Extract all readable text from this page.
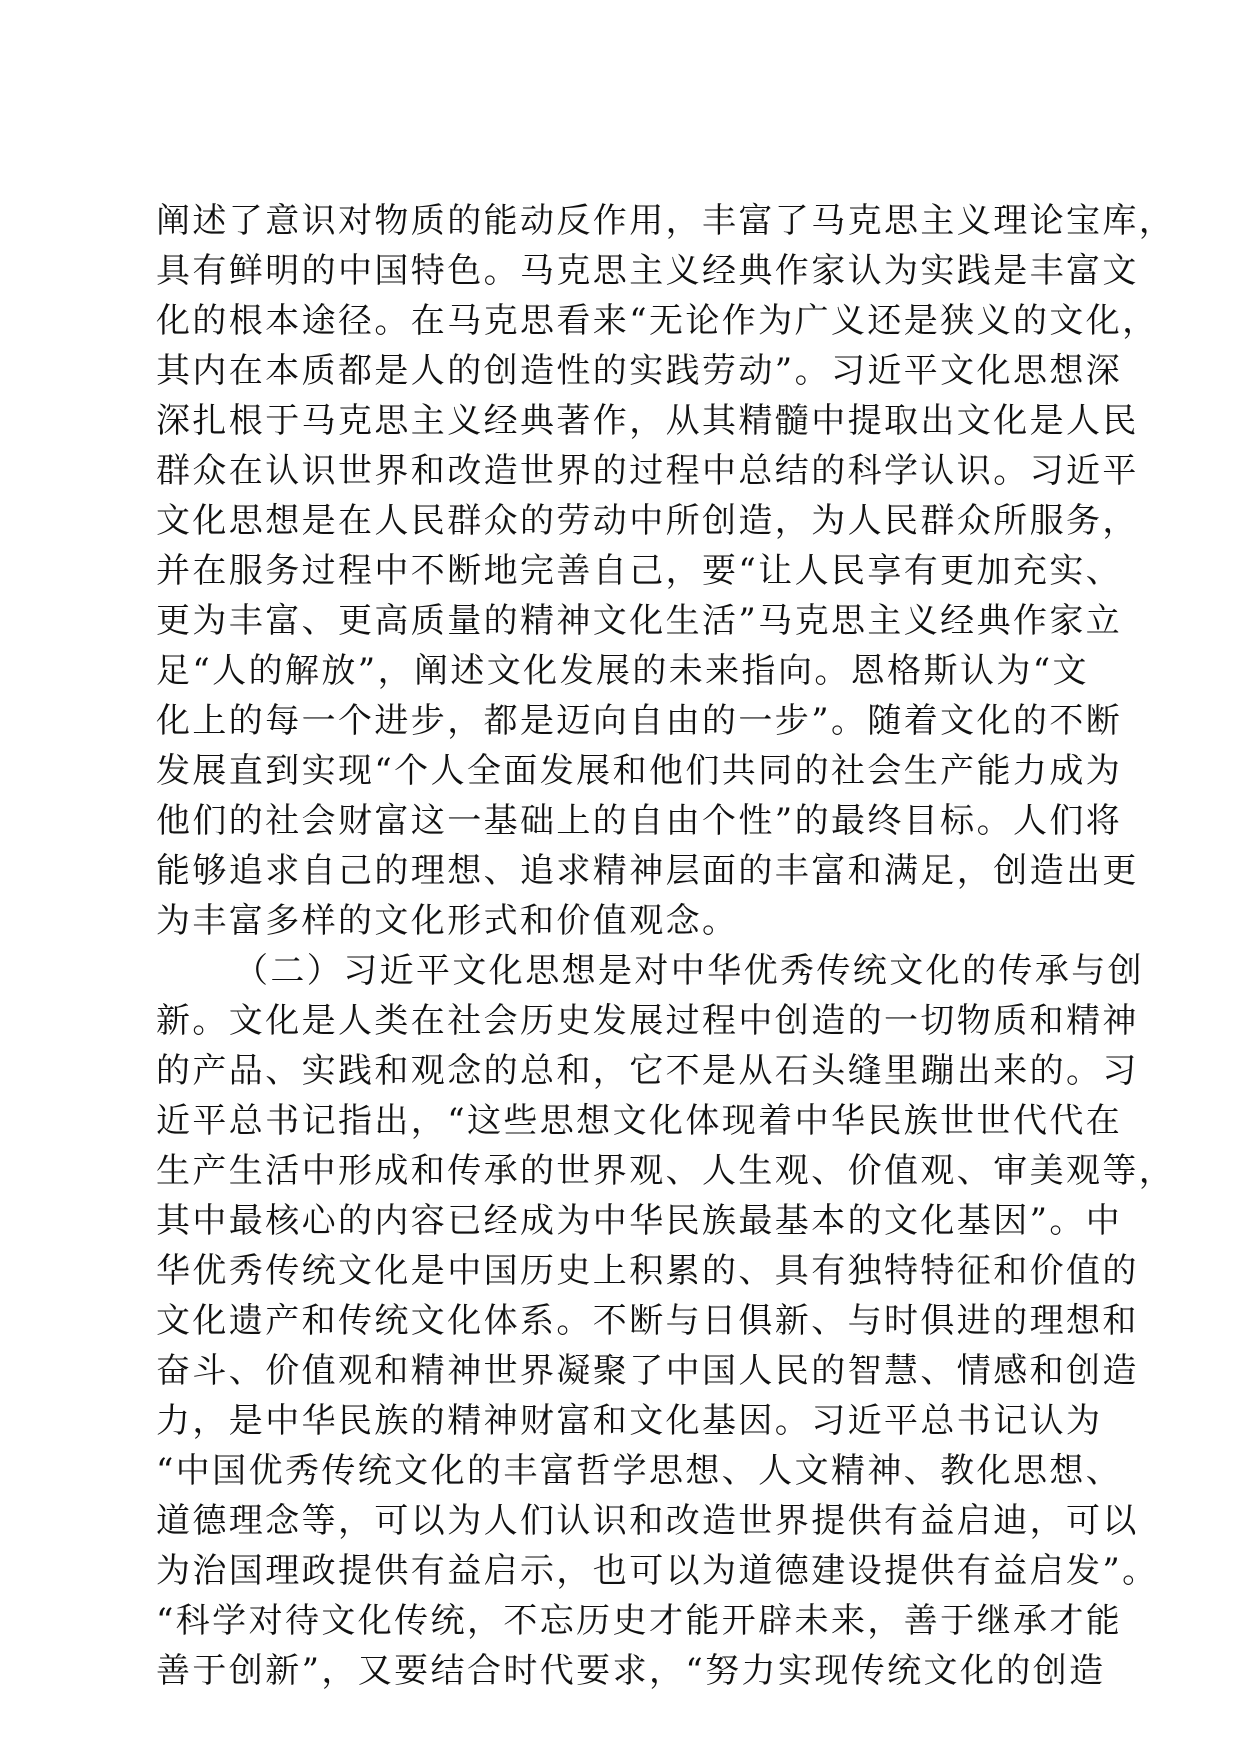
阐述了意识对物质的能动反作用，丰富了马克思主义理论宝库，
具有鲜明的中国特色。马克思主义经典作家认为实践是丰富文
化的根本途径。在马克思看来“无论作为广义还是狭义的文化，
其内在本质都是人的创造性的实践劳动”。习近平文化思想深
深扎根于马克思主义经典著作，从其精髓中提取出文化是人民
群众在认识世界和改造世界的过程中总结的科学认识。习近平
文化思想是在人民群众的劳动中所创造，为人民群众所服务，
并在服务过程中不断地完善自己，要“让人民享有更加充实、
更为丰富、更高质量的精神文化生活”马克思主义经典作家立
足“人的解放”，阐述文化发展的未来指向。恩格斯认为“文
化上的每一个进步，都是迈向自由的一步”。随着文化的不断
发展直到实现“个人全面发展和他们共同的社会生产能力成为
他们的社会财富这一基础上的自由个性”的最终目标。人们将
能够追求自己的理想、追求精神层面的丰富和满足，创造出更
为丰富多样的文化形式和价值观念。
（二）习近平文化思想是对中华优秀传统文化的传承与创
新。文化是人类在社会历史发展过程中创造的一切物质和精神
的产品、实践和观念的总和，它不是从石头缝里蹦出来的。习
近平总书记指出，“这些思想文化体现着中华民族世世代代在
生产生活中形成和传承的世界观、人生观、价值观、审美观等，
其中最核心的内容已经成为中华民族最基本的文化基因”。中
华优秀传统文化是中国历史上积累的、具有独特特征和价值的
文化遗产和传统文化体系。不断与日俱新、与时俱进的理想和
奋斗、价值观和精神世界凝聚了中国人民的智慧、情感和创造
力，是中华民族的精神财富和文化基因。习近平总书记认为
“中国优秀传统文化的丰富哲学思想、人文精神、教化思想、
道德理念等，可以为人们认识和改造世界提供有益启迪，可以
为治国理政提供有益启示，也可以为道德建设提供有益启发”。
“科学对待文化传统，不忘历史才能开辟未来，善于继承才能
善于创新”，又要结合时代要求，“努力实现传统文化的创造
